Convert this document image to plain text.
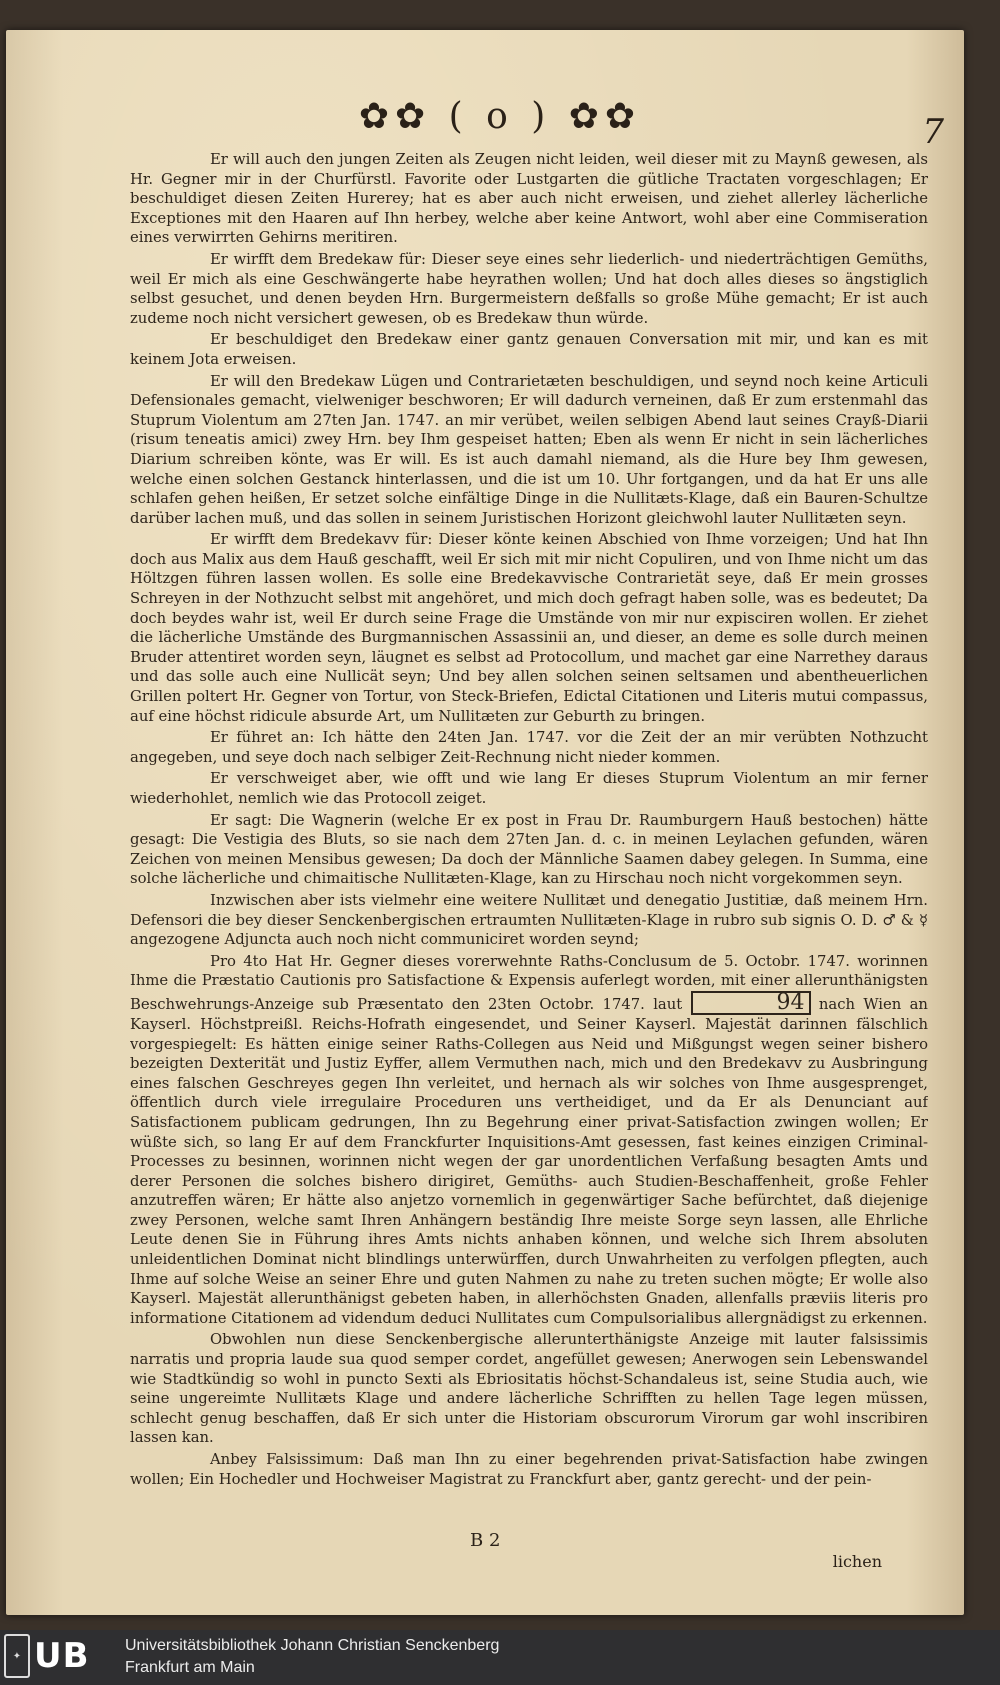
✿✿ ( o ) ✿✿	7

Er will auch den jungen Zeiten als Zeugen nicht leiden, weil dieser mit zu Maynß gewesen, als Hr. Gegner mir in der Churfürstl. Favorite oder Lustgarten die gütliche Tractaten vorgeschlagen; Er beschuldiget diesen Zeiten Hurerey; hat es aber auch nicht erweisen, und ziehet allerley lächerliche Exceptiones mit den Haaren auf Ihn herbey, welche aber keine Antwort, wohl aber eine Commiseration eines verwirrten Gehirns meritiren.

Er wirfft dem Bredekaw für: Dieser seye eines sehr liederlich- und niederträchtigen Gemüths, weil Er mich als eine Geschwängerte habe heyrathen wollen; Und hat doch alles dieses so ängstiglich selbst gesuchet, und denen beyden Hrn. Burgermeistern deßfalls so große Mühe gemacht; Er ist auch zudeme noch nicht versichert gewesen, ob es Bredekaw thun würde.

Er beschuldiget den Bredekaw einer gantz genauen Conversation mit mir, und kan es mit keinem Jota erweisen.

Er will den Bredekaw Lügen und Contrarietæten beschuldigen, und seynd noch keine Articuli Defensionales gemacht, vielweniger beschworen; Er will dadurch verneinen, daß Er zum erstenmahl das Stuprum Violentum am 27ten Jan. 1747. an mir verübet, weilen selbigen Abend laut seines Crayß-Diarii (risum teneatis amici) zwey Hrn. bey Ihm gespeiset hatten; Eben als wenn Er nicht in sein lächerliches Diarium schreiben könte, was Er will. Es ist auch damahl niemand, als die Hure bey Ihm gewesen, welche einen solchen Gestanck hinterlassen, und die ist um 10. Uhr fortgangen, und da hat Er uns alle schlafen gehen heißen, Er setzet solche einfältige Dinge in die Nullitæts-Klage, daß ein Bauren-Schultze darüber lachen muß, und das sollen in seinem Juristischen Horizont gleichwohl lauter Nullitæten seyn.

Er wirfft dem Bredekavv für: Dieser könte keinen Abschied von Ihme vorzeigen; Und hat Ihn doch aus Malix aus dem Hauß geschafft, weil Er sich mit mir nicht Copuliren, und von Ihme nicht um das Höltzgen führen lassen wollen. Es solle eine Bredekavvische Contrarietät seye, daß Er mein grosses Schreyen in der Nothzucht selbst mit angehöret, und mich doch gefragt haben solle, was es bedeutet; Da doch beydes wahr ist, weil Er durch seine Frage die Umstände von mir nur expisciren wollen. Er ziehet die lächerliche Umstände des Burgmannischen Assassinii an, und dieser, an deme es solle durch meinen Bruder attentiret worden seyn, läugnet es selbst ad Protocollum, und machet gar eine Narrethey daraus und das solle auch eine Nullicät seyn; Und bey allen solchen seinen seltsamen und abentheuerlichen Grillen poltert Hr. Gegner von Tortur, von Steck-Briefen, Edictal Citationen und Literis mutui compassus, auf eine höchst ridicule absurde Art, um Nullitæten zur Geburth zu bringen.

Er führet an: Ich hätte den 24ten Jan. 1747. vor die Zeit der an mir verübten Nothzucht angegeben, und seye doch nach selbiger Zeit-Rechnung nicht nieder kommen.

Er verschweiget aber, wie offt und wie lang Er dieses Stuprum Violentum an mir ferner wiederhohlet, nemlich wie das Protocoll zeiget.

Er sagt: Die Wagnerin (welche Er ex post in Frau Dr. Raumburgern Hauß bestochen) hätte gesagt: Die Vestigia des Bluts, so sie nach dem 27ten Jan. d. c. in meinen Leylachen gefunden, wären Zeichen von meinen Mensibus gewesen; Da doch der Männliche Saamen dabey gelegen. In Summa, eine solche lächerliche und chimaitische Nullitæten-Klage, kan zu Hirschau noch nicht vorgekommen seyn.

Inzwischen aber ists vielmehr eine weitere Nullitæt und denegatio Justitiæ, daß meinem Hrn. Defensori die bey dieser Senckenbergischen ertraumten Nullitæten-Klage in rubro sub signis O. D. ♂ & ☿ angezogene Adjuncta auch noch nicht communiciret worden seynd;

Pro 4to Hat Hr. Gegner dieses vorerwehnte Raths-Conclusum de 5. Octobr. 1747. worinnen Ihme die Præstatio Cautionis pro Satisfactione & Expensis auferlegt worden, mit einer allerunthänigsten Beschwehrungs-Anzeige sub Præsentato den 23ten Octobr. 1747. laut	94 nach Wien an Kayserl. Höchstpreißl. Reichs-Hofrath eingesendet, und Seiner Kayserl. Majestät darinnen fälschlich vorgespiegelt: Es hätten einige seiner Raths-Collegen aus Neid und Mißgungst wegen seiner bishero bezeigten Dexterität und Justiz Eyffer, allem Vermuthen nach, mich und den Bredekavv zu Ausbringung eines falschen Geschreyes gegen Ihn verleitet, und hernach als wir solches von Ihme ausgesprenget, öffentlich durch viele irregulaire Proceduren uns vertheidiget, und da Er als Denunciant auf Satisfactionem publicam gedrungen, Ihn zu Begehrung einer privat-Satisfaction zwingen wollen; Er wüßte sich, so lang Er auf dem Franckfurter Inquisitions-Amt gesessen, fast keines einzigen Criminal-Processes zu besinnen, worinnen nicht wegen der gar unordentlichen Verfaßung besagten Amts und derer Personen die solches bishero dirigiret, Gemüths- auch Studien-Beschaffenheit, große Fehler anzutreffen wären; Er hätte also anjetzo vornemlich in gegenwärtiger Sache befürchtet, daß diejenige zwey Personen, welche samt Ihren Anhängern beständig Ihre meiste Sorge seyn lassen, alle Ehrliche Leute denen Sie in Führung ihres Amts nichts anhaben können, und welche sich Ihrem absoluten unleidentlichen Dominat nicht blindlings unterwürffen, durch Unwahrheiten zu verfolgen pflegten, auch Ihme auf solche Weise an seiner Ehre und guten Nahmen zu nahe zu treten suchen mögte; Er wolle also Kayserl. Majestät allerunthänigst gebeten haben, in allerhöchsten Gnaden, allenfalls præviis literis pro informatione Citationem ad videndum deduci Nullitates cum Compulsorialibus allergnädigst zu erkennen.

Obwohlen nun diese Senckenbergische allerunterthänigste Anzeige mit lauter falsissimis narratis und propria laude sua quod semper cordet, angefüllet gewesen; Anerwogen sein Lebenswandel wie Stadtkündig so wohl in puncto Sexti als Ebriositatis höchst-Schandaleus ist, seine Studia auch, wie seine ungereimte Nullitæts Klage und andere lächerliche Schrifften zu hellen Tage legen müssen, schlecht genug beschaffen, daß Er sich unter die Historiam obscurorum Virorum gar wohl inscribiren lassen kan.

Anbey Falsissimum: Daß man Ihn zu einer begehrenden privat-Satisfaction habe zwingen wollen; Ein Hochedler und Hochweiser Magistrat zu Franckfurt aber, gantz gerecht- und der pein-

B 2
lichen
✦ UB Universitätsbibliothek Johann Christian Senckenberg
Frankfurt am Main
